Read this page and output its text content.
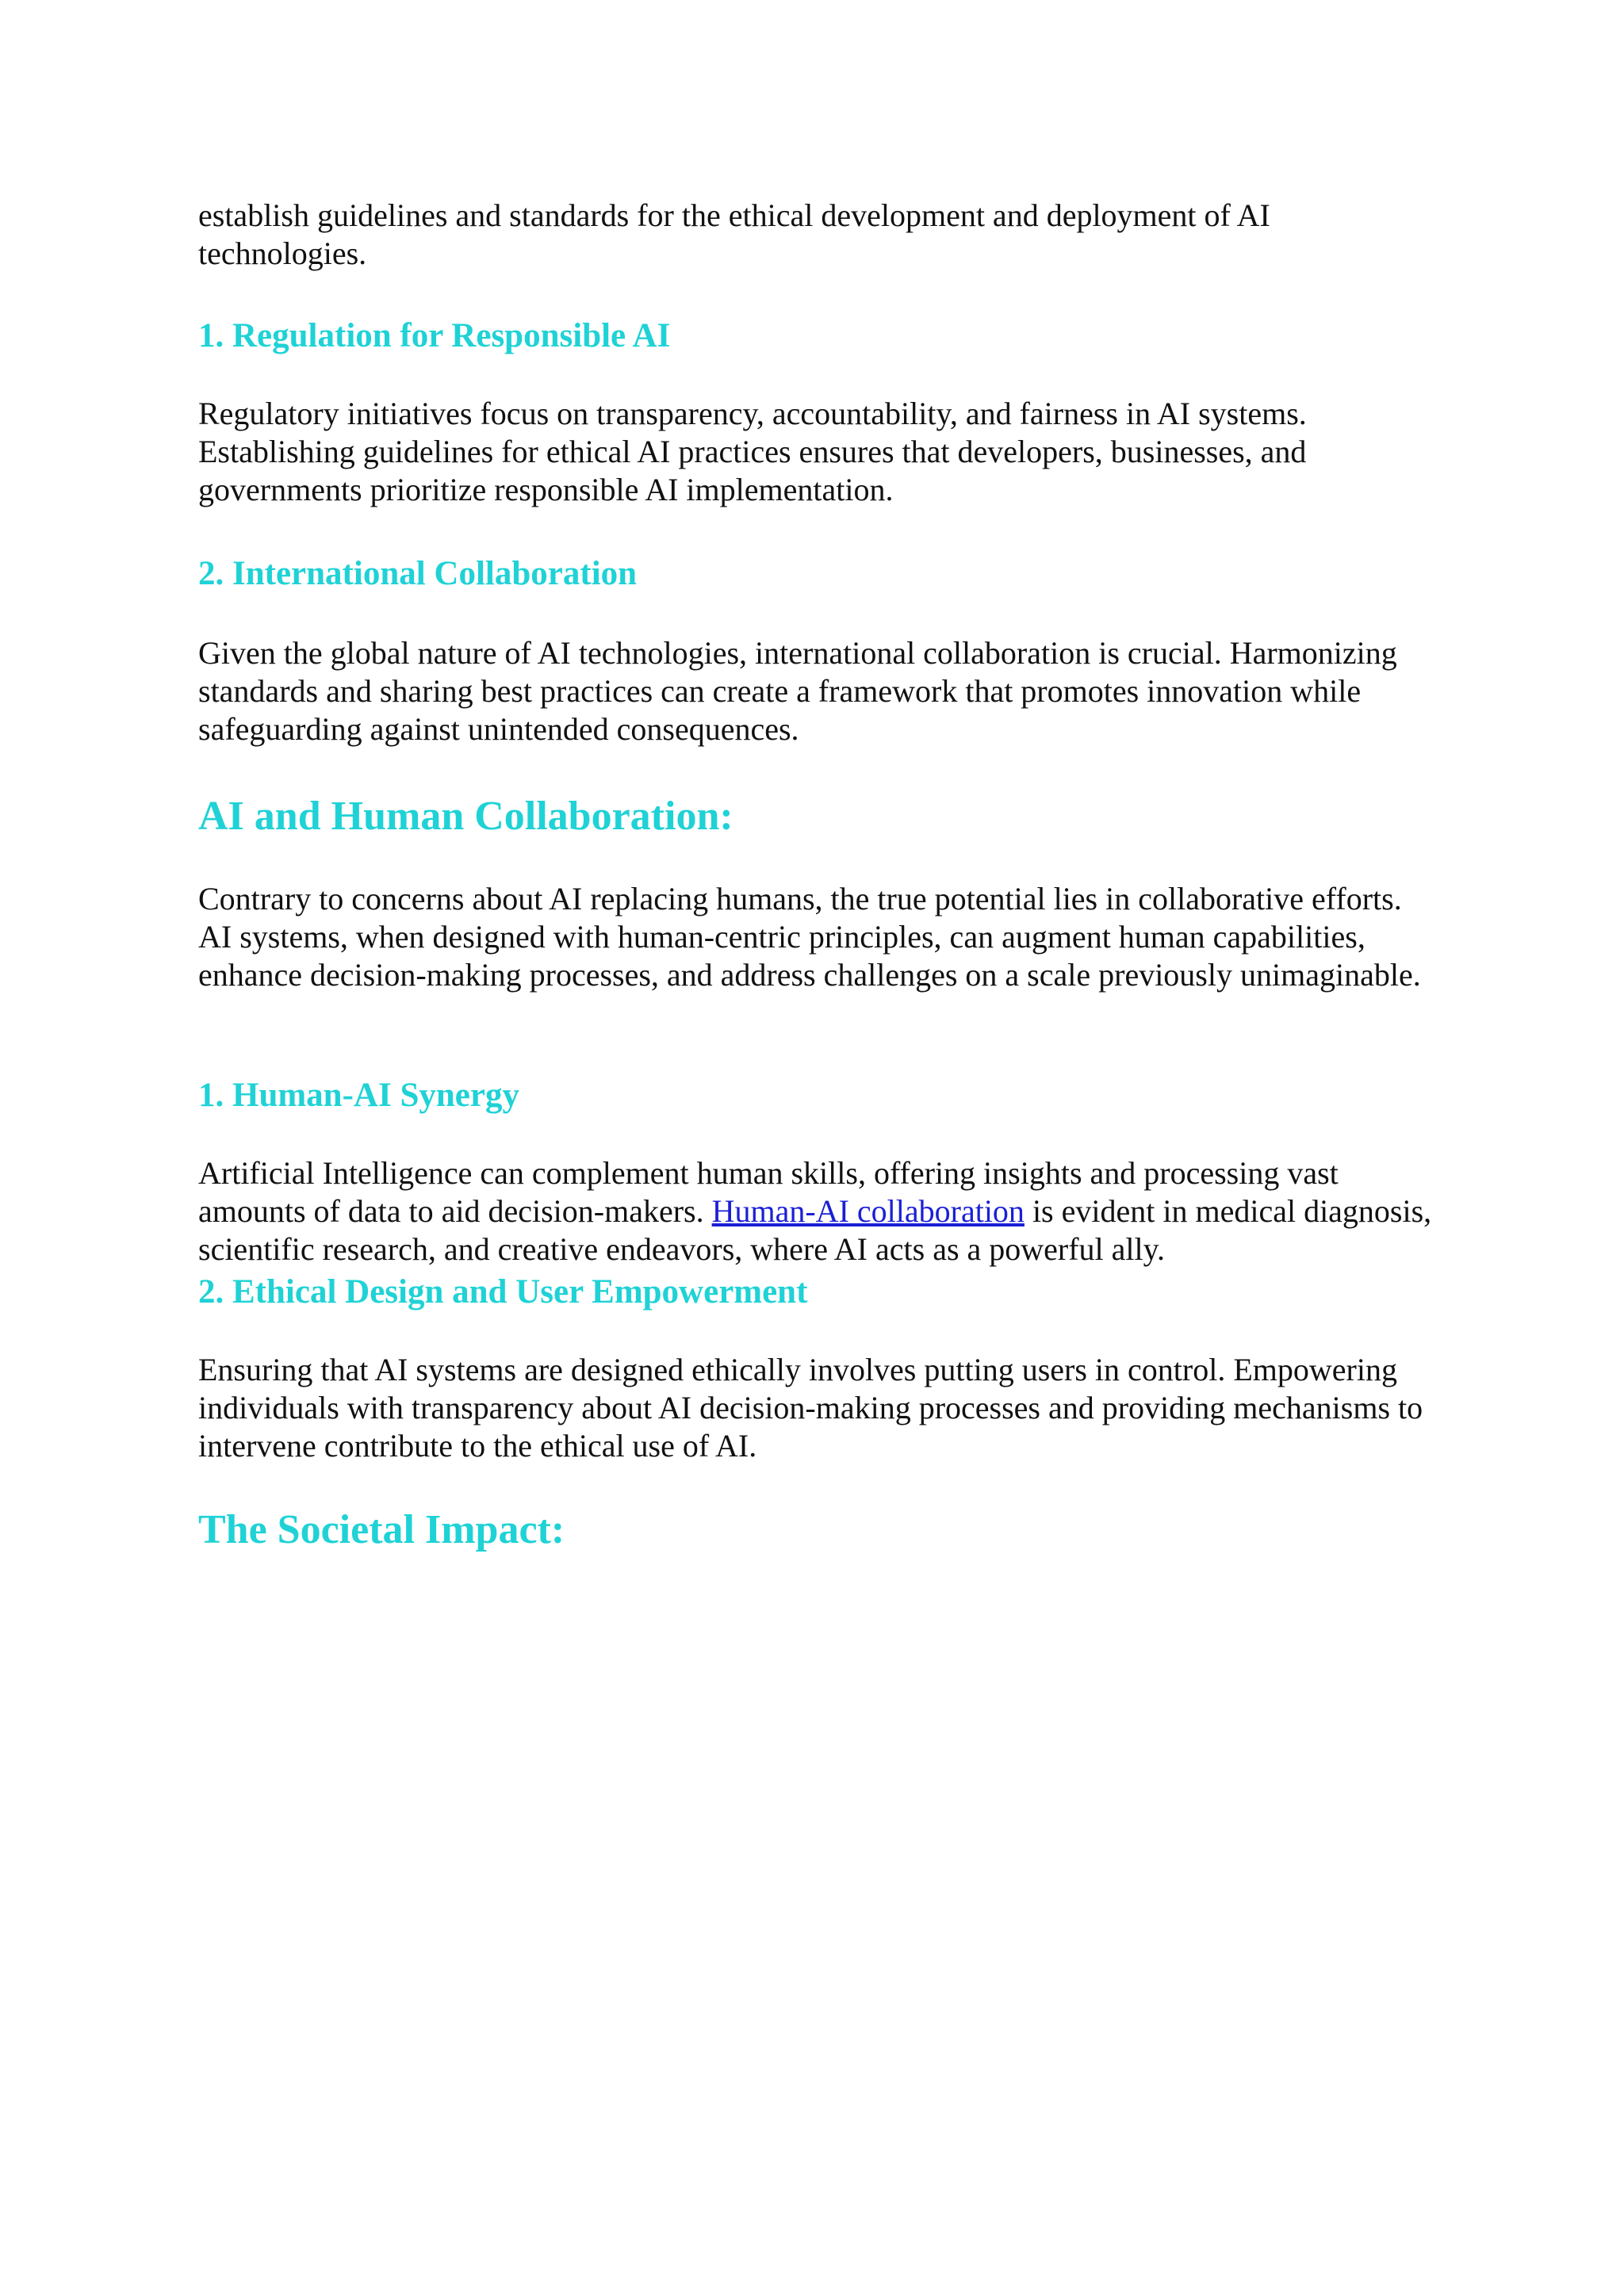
establish guidelines and standards for the ethical development and deployment of AI technologies.

1. Regulation for Responsible AI

Regulatory initiatives focus on transparency, accountability, and fairness in AI systems. Establishing guidelines for ethical AI practices ensures that developers, businesses, and governments prioritize responsible AI implementation.

2. International Collaboration

Given the global nature of AI technologies, international collaboration is crucial. Harmonizing standards and sharing best practices can create a framework that promotes innovation while safeguarding against unintended consequences.

AI and Human Collaboration:

Contrary to concerns about AI replacing humans, the true potential lies in collaborative efforts. AI systems, when designed with human-centric principles, can augment human capabilities, enhance decision-making processes, and address challenges on a scale previously unimaginable.

1. Human-AI Synergy

Artificial Intelligence can complement human skills, offering insights and processing vast amounts of data to aid decision-makers. Human-AI collaboration is evident in medical diagnosis, scientific research, and creative endeavors, where AI acts as a powerful ally.

2. Ethical Design and User Empowerment

Ensuring that AI systems are designed ethically involves putting users in control. Empowering individuals with transparency about AI decision-making processes and providing mechanisms to intervene contribute to the ethical use of AI.

The Societal Impact:
